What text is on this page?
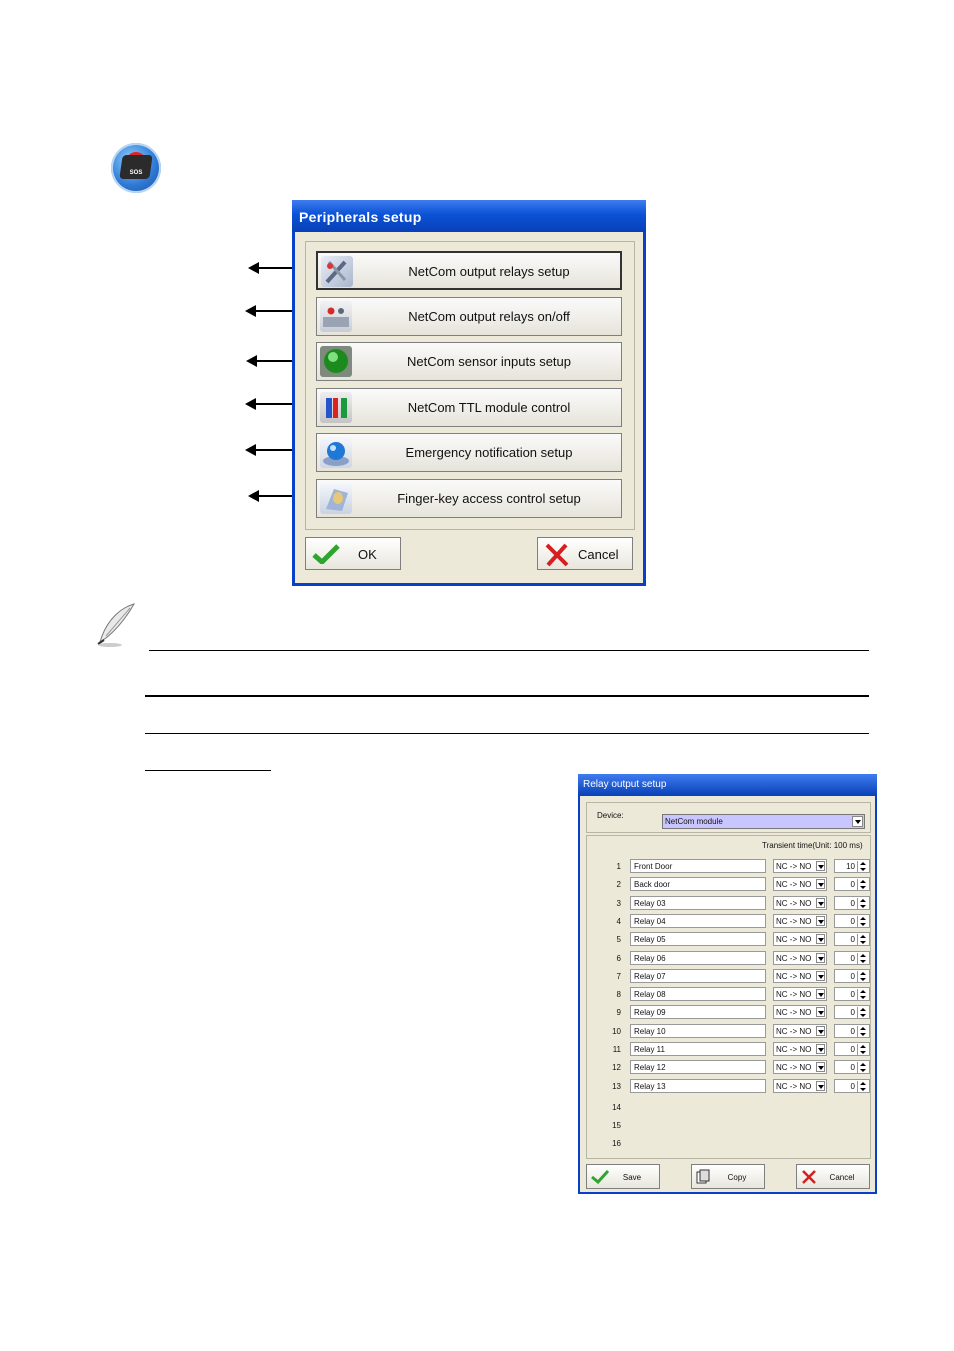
SOS
Peripherals setup
NetCom output relays setup
NetCom output relays on/off
NetCom sensor inputs setup
NetCom TTL module control
Emergency notification setup
Finger-key access control setup
OK	Cancel
Relay output setup
Device:
NetCom module
Transient time(Unit: 100 ms)
1	Front Door	NC -> NO	10
2	Back door	NC -> NO	0
3	Relay 03	NC -> NO	0
4	Relay 04	NC -> NO	0
5	Relay 05	NC -> NO	0
6	Relay 06	NC -> NO	0
7	Relay 07	NC -> NO	0
8	Relay 08	NC -> NO	0
9	Relay 09	NC -> NO	0
10	Relay 10	NC -> NO	0
11	Relay 11	NC -> NO	0
12	Relay 12	NC -> NO	0
13	Relay 13	NC -> NO	0
14
15
16
Save	Copy	Cancel
